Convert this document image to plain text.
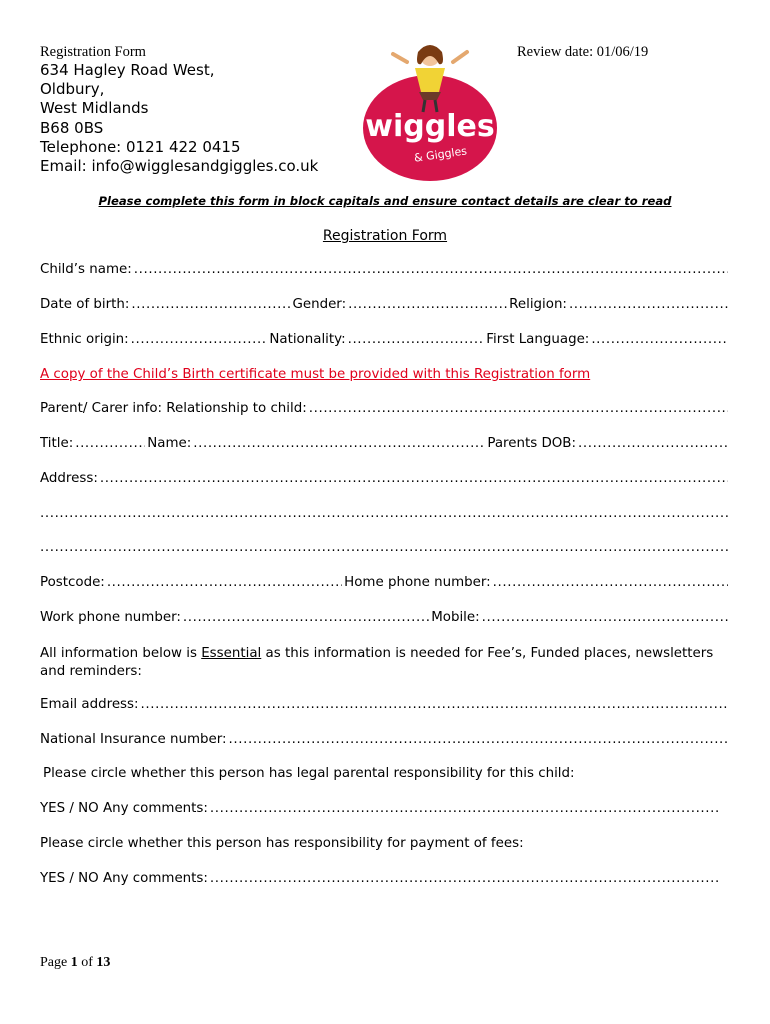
Registration Form	Review date: 01/06/19
634 Hagley Road West,
Oldbury,
West Midlands
B68 0BS
Telephone: 0121 422 0415
Email: info@wigglesandgiggles.co.uk
wiggles
& Giggles
Please complete this form in block capitals and ensure contact details are clear to read
Registration Form
Child’s name:
.....
Date of birth: .....	Gender: .....	Religion:
.....
Ethnic origin: .....	Nationality: .....	First Language:
.....
A copy of the Child’s Birth certificate must be provided with this Registration form
Parent/ Carer info: Relationship to child:
.....
Title: .....	Name: .....	Parents DOB:
.....
Address:
.....
.....
.....
Postcode: .....	Home phone number:
.....
Work phone number: .....	Mobile:
.....
All information below is Essential as this information is needed for Fee’s, Funded places, newsletters and reminders:
Email address:
.....
National Insurance number:
.....
Please circle whether this person has legal parental responsibility for this child:
YES / NO Any comments:
.....
Please circle whether this person has responsibility for payment of fees:
YES / NO Any comments:
.....
Page 1 of 13
